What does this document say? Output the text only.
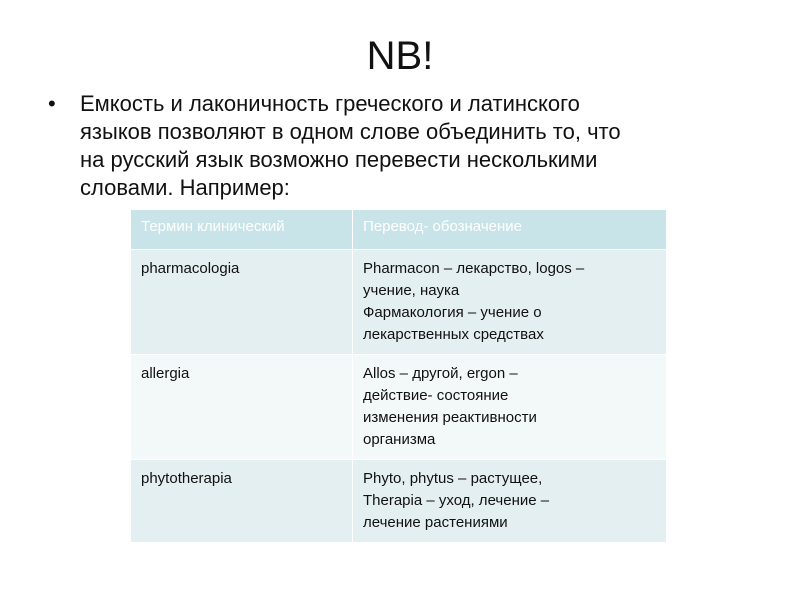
NB!
• Емкость и лаконичность греческого и латинского
языков позволяют в одном слове объединить то, что
на русский язык возможно перевести несколькими
словами. Например:
Термин клинический	Перевод- обозначение
pharmacologia	Pharmacon – лекарство, logos –
учение, наука
Фармакология – учение о
лекарственных средствах

allergia	Allos – другой, ergon –
действие- состояние
изменения реактивности
организма

phytotherapia	Phyto, phytus – растущее,
Therapia – уход, лечение –
лечение растениями
